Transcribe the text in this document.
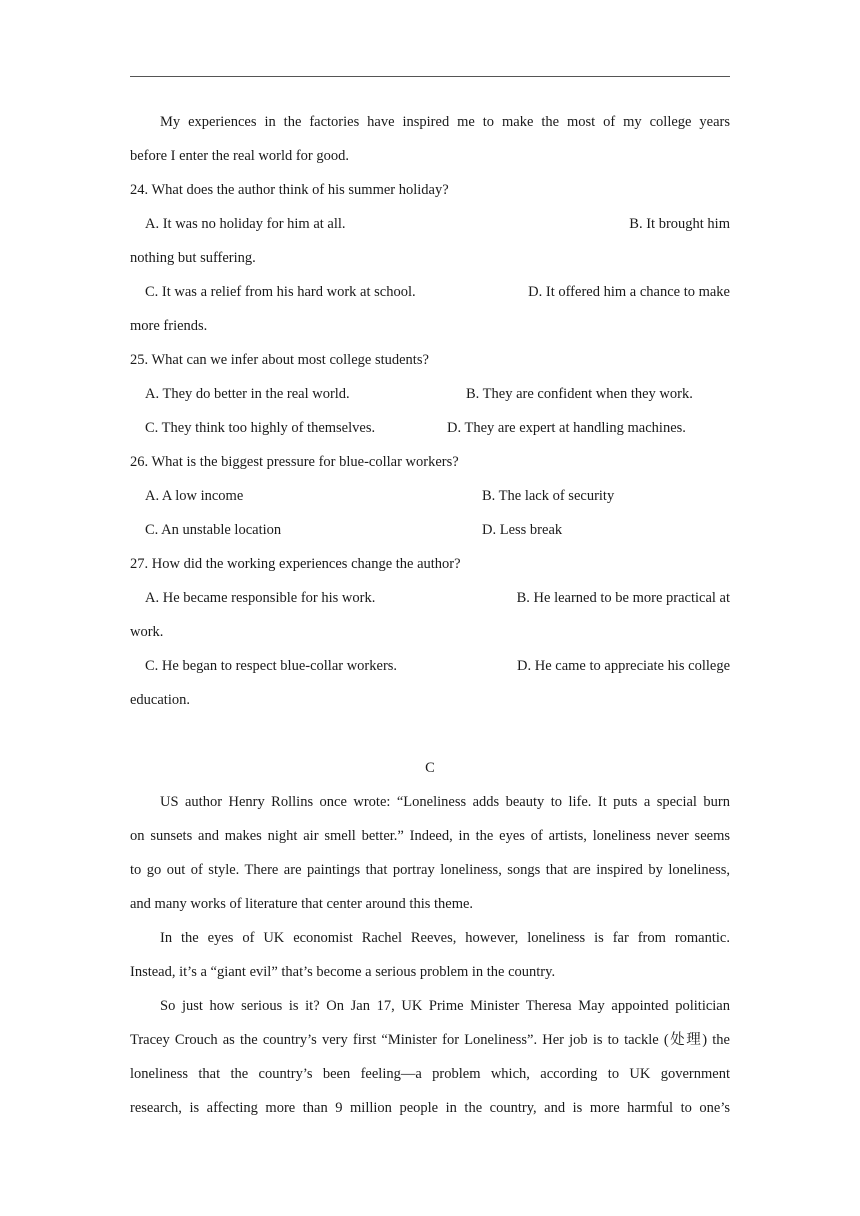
My experiences in the factories have inspired me to make the most of my college years
before I enter the real world for good.
24. What does the author think of his summer holiday?
A. It was no holiday for him at all.	B. It brought him
nothing but suffering.
C. It was a relief from his hard work at school.	D. It offered him a chance to make
more friends.
25. What can we infer about most college students?
A. They do better in the real world.	B. They are confident when they work.
C. They think too highly of themselves.	D. They are expert at handling machines.
26. What is the biggest pressure for blue-collar workers?
A. A low income	B. The lack of security
C. An unstable location	D. Less break
27. How did the working experiences change the author?
A. He became responsible for his work.	B. He learned to be more practical at
work.
C. He began to respect blue-collar workers.	D. He came to appreciate his college
education.
C
US author Henry Rollins once wrote: “Loneliness adds beauty to life. It puts a special burn
on sunsets and makes night air smell better.” Indeed, in the eyes of artists, loneliness never seems
to go out of style. There are paintings that portray loneliness, songs that are inspired by loneliness,
and many works of literature that center around this theme.
In the eyes of UK economist Rachel Reeves, however, loneliness is far from romantic.
Instead, it’s a “giant evil” that’s become a serious problem in the country.
So just how serious is it? On Jan 17, UK Prime Minister Theresa May appointed politician
Tracey Crouch as the country’s very first “Minister for Loneliness”. Her job is to tackle (处理) the
loneliness that the country’s been feeling—a problem which, according to UK government
research, is affecting more than 9 million people in the country, and is more harmful to one’s
